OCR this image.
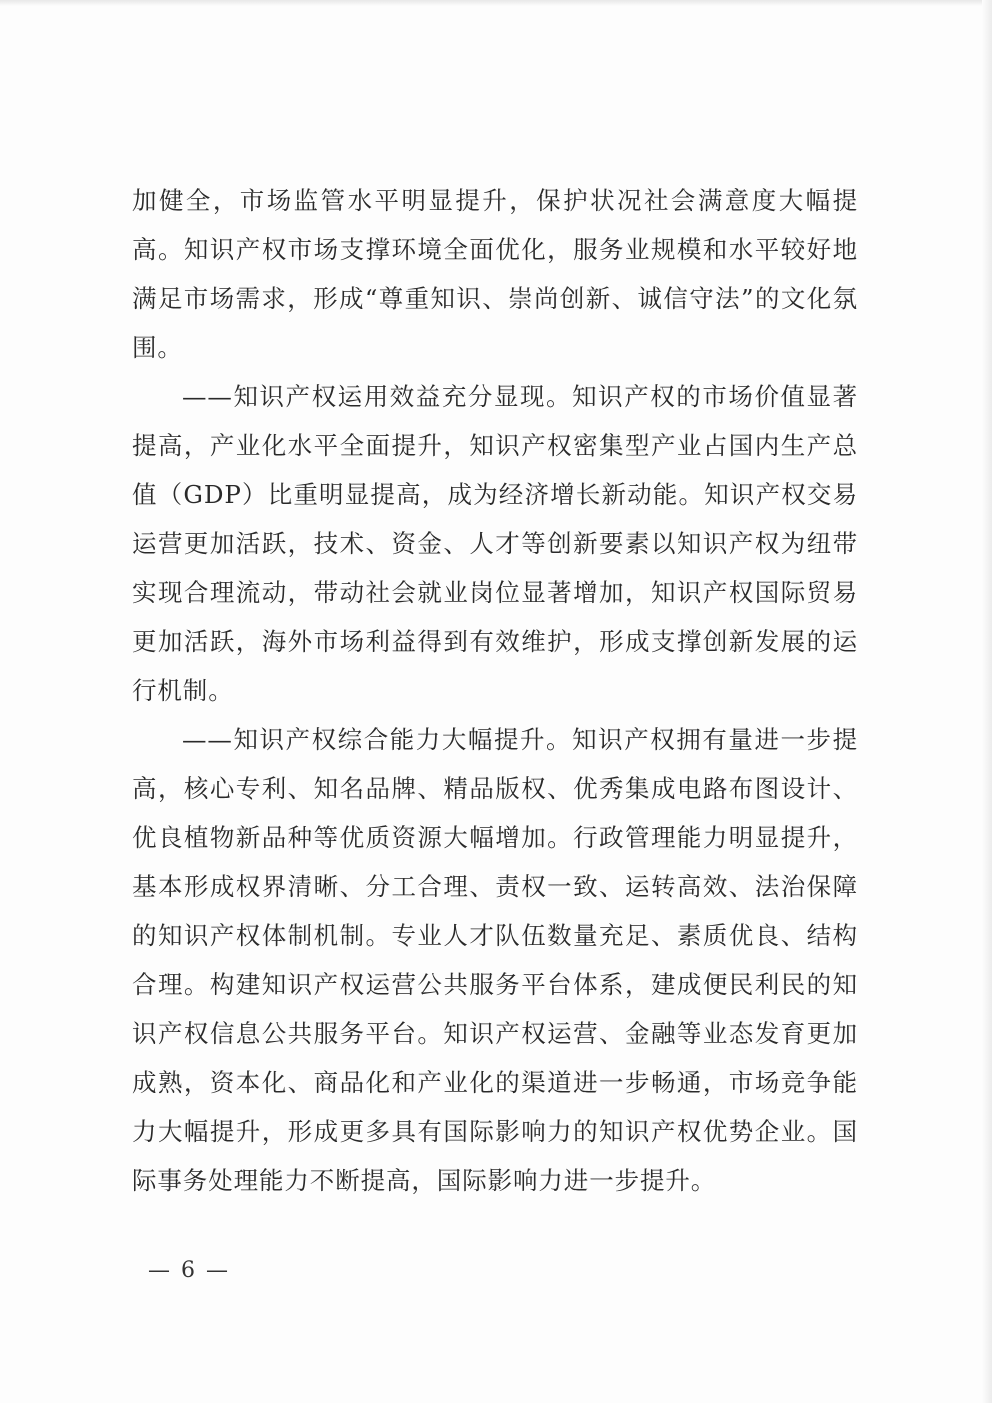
加健全，市场监管水平明显提升，保护状况社会满意度大幅提高。知识产权市场支撑环境全面优化，服务业规模和水平较好地满足市场需求，形成“尊重知识、崇尚创新、诚信守法”的文化氛围。

——知识产权运用效益充分显现。知识产权的市场价值显著提高，产业化水平全面提升，知识产权密集型产业占国内生产总值（GDP）比重明显提高，成为经济增长新动能。知识产权交易运营更加活跃，技术、资金、人才等创新要素以知识产权为纽带实现合理流动，带动社会就业岗位显著增加，知识产权国际贸易更加活跃，海外市场利益得到有效维护，形成支撑创新发展的运行机制。

——知识产权综合能力大幅提升。知识产权拥有量进一步提高，核心专利、知名品牌、精品版权、优秀集成电路布图设计、优良植物新品种等优质资源大幅增加。行政管理能力明显提升，基本形成权界清晰、分工合理、责权一致、运转高效、法治保障的知识产权体制机制。专业人才队伍数量充足、素质优良、结构合理。构建知识产权运营公共服务平台体系，建成便民利民的知识产权信息公共服务平台。知识产权运营、金融等业态发育更加成熟，资本化、商品化和产业化的渠道进一步畅通，市场竞争能力大幅提升，形成更多具有国际影响力的知识产权优势企业。国际事务处理能力不断提高，国际影响力进一步提升。

— 6 —
